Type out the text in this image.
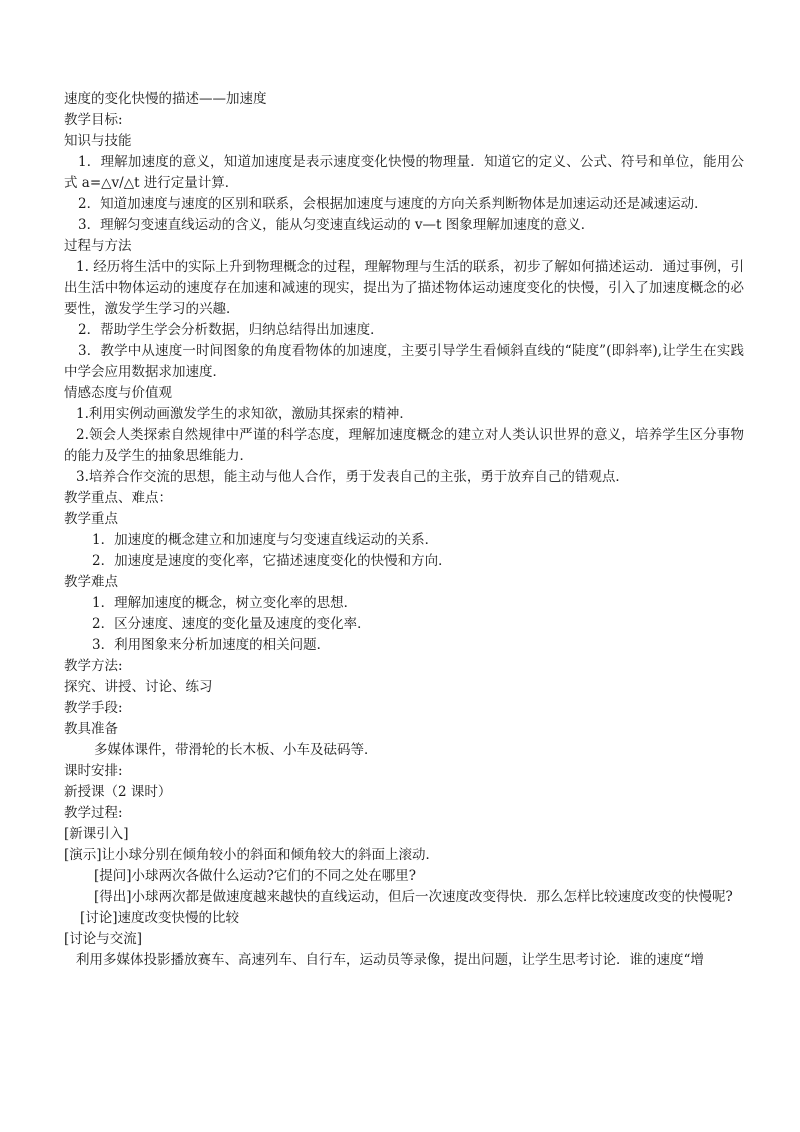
速度的变化快慢的描述——加速度

教学目标:

知识与技能

1．理解加速度的意义，知道加速度是表示速度变化快慢的物理量．知道它的定义、公式、符号和单位，能用公式 a=△v/△t 进行定量计算．

2．知道加速度与速度的区别和联系，会根据加速度与速度的方向关系判断物体是加速运动还是减速运动．

3．理解匀变速直线运动的含义，能从匀变速直线运动的 v—t 图象理解加速度的意义．

过程与方法

1. 经历将生活中的实际上升到物理概念的过程，理解物理与生活的联系，初步了解如何描述运动．通过事例，引出生活中物体运动的速度存在加速和减速的现实，提出为了描述物体运动速度变化的快慢，引入了加速度概念的必要性，激发学生学习的兴趣．

2．帮助学生学会分析数据，归纳总结得出加速度．

3．教学中从速度一时间图象的角度看物体的加速度，主要引导学生看倾斜直线的“陡度”(即斜率),让学生在实践中学会应用数据求加速度．

情感态度与价值观

1.利用实例动画激发学生的求知欲，激励其探索的精神．

2.领会人类探索自然规律中严谨的科学态度，理解加速度概念的建立对人类认识世界的意义，培养学生区分事物的能力及学生的抽象思维能力．

3.培养合作交流的思想，能主动与他人合作，勇于发表自己的主张，勇于放弃自己的错观点．

教学重点、难点：

教学重点

1．加速度的概念建立和加速度与匀变速直线运动的关系．

2．加速度是速度的变化率，它描述速度变化的快慢和方向．

教学难点

1．理解加速度的概念，树立变化率的思想．

2．区分速度、速度的变化量及速度的变化率．

3．利用图象来分析加速度的相关问题．

教学方法:

探究、讲授、讨论、练习

教学手段:

教具准备

多媒体课件，带滑轮的长木板、小车及砝码等．

课时安排:

新授课（2 课时）

教学过程:

[新课引入]

[演示]让小球分别在倾角较小的斜面和倾角较大的斜面上滚动．

[提问]小球两次各做什么运动?它们的不同之处在哪里?

[得出]小球两次都是做速度越来越快的直线运动，但后一次速度改变得快．那么怎样比较速度改变的快慢呢?

[讨论]速度改变快慢的比较

[讨论与交流]

利用多媒体投影播放赛车、高速列车、自行车，运动员等录像，提出问题，让学生思考讨论．谁的速度“增
